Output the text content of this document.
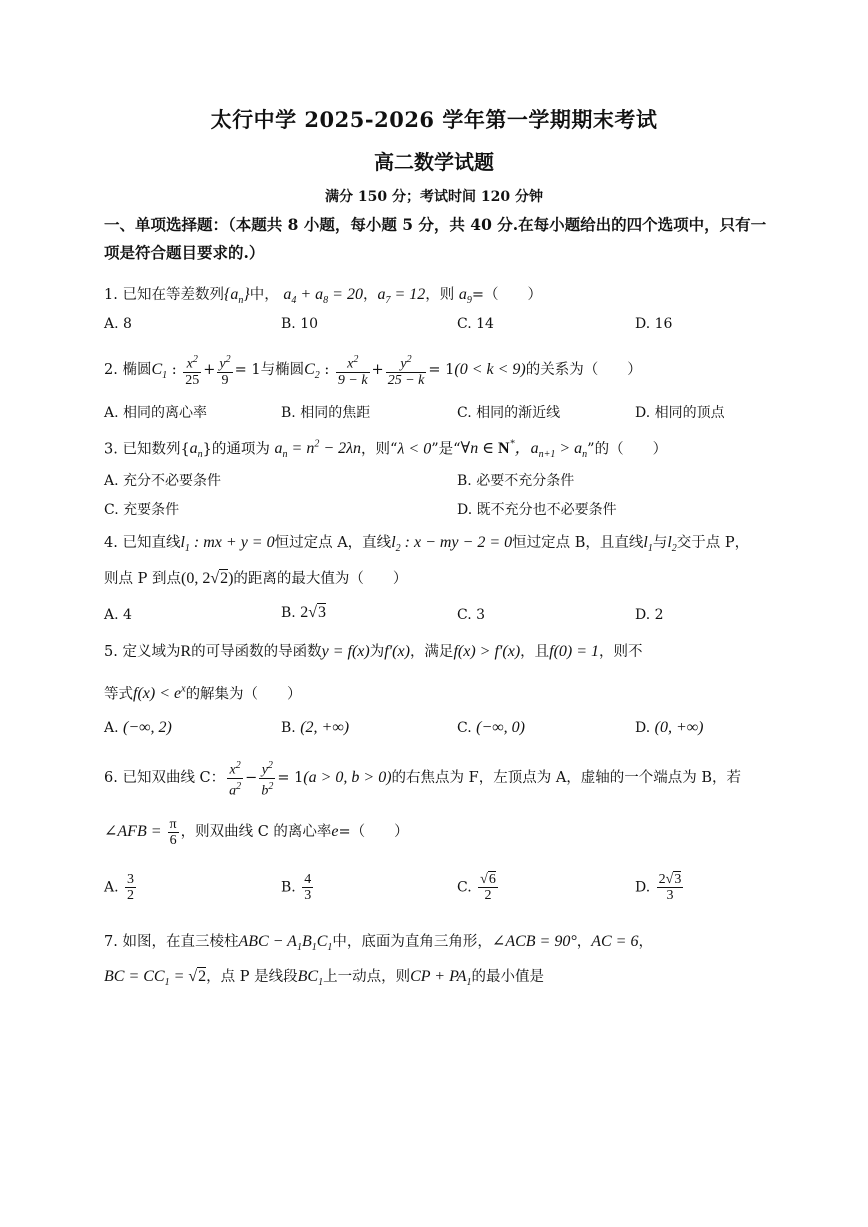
太行中学 2025-2026 学年第一学期期末考试
高二数学试题
满分 150 分；考试时间 120 分钟
一、单项选择题：（本题共 8 小题，每小题 5 分，共 40 分.在每小题给出的四个选项中，只有一项是符合题目要求的.）
1. 已知在等差数列$\{a_n\}$中， $a_4 + a_8 = 20$，$a_7 = 12$，则 $a_9=$（　　）
A. 8	B. 10	C. 14	D. 16
2. 椭圆$C_1$ : $\frac{x^2}{25} + \frac{y^2}{9} = 1$与椭圆$C_2$ : $\frac{x^2}{9 - k} + \frac{y^2}{25 - k} = 1(0 < k < 9)$的关系为（　　）
A. 相同的离心率	B. 相同的焦距	C. 相同的渐近线	D. 相同的顶点
3. 已知数列$\{a_n\}$的通项为 $a_n = n^2 - 2\lambda n$，则“λ < 0”是“∀n ∈ N*，$a_{n+1} > a_n$”的（　　）
A. 充分不必要条件	B. 必要不充分条件
C. 充要条件	D. 既不充分也不必要条件
4. 已知直线$l_1$ : mx + y = 0恒过定点 A，直线$l_2$ : x − my − 2 = 0恒过定点 B，且直线$l_1$与$l_2$交于点 P，
则点 P 到点(0, 2√2)的距离的最大值为（　　）
A. 4	B. 2√3	C. 3	D. 2
5. 定义域为R的可导函数的导函数y = f(x)为f′(x)，满足f(x) > f′(x)，且f(0) = 1，则不
等式$f(x) < e^x$的解集为（　　）
A. (−∞, 2)	B. (2, +∞)	C. (−∞, 0)	D. (0, +∞)
6. 已知双曲线 C： $\frac{x^2}{a^2} - \frac{y^2}{b^2} = 1(a > 0$, b > 0)的右焦点为 F，左顶点为 A，虚轴的一个端点为 B，若
∠AFB = $\frac{\pi}{6}$ ，则双曲线 C 的离心率e=（　　）
A. $\frac{3}{2}$	B. $\frac{4}{3}$	C. $\frac{√6}{2}$	D. $\frac{2√3}{3}$
7. 如图，在直三棱柱ABC − $A_1B_1C_1$中，底面为直角三角形，∠ACB = 90°，AC = 6，
BC = $CC_1 = √2$，点 P 是线段$BC_1$上一动点，则CP + $PA_1$的最小值是
